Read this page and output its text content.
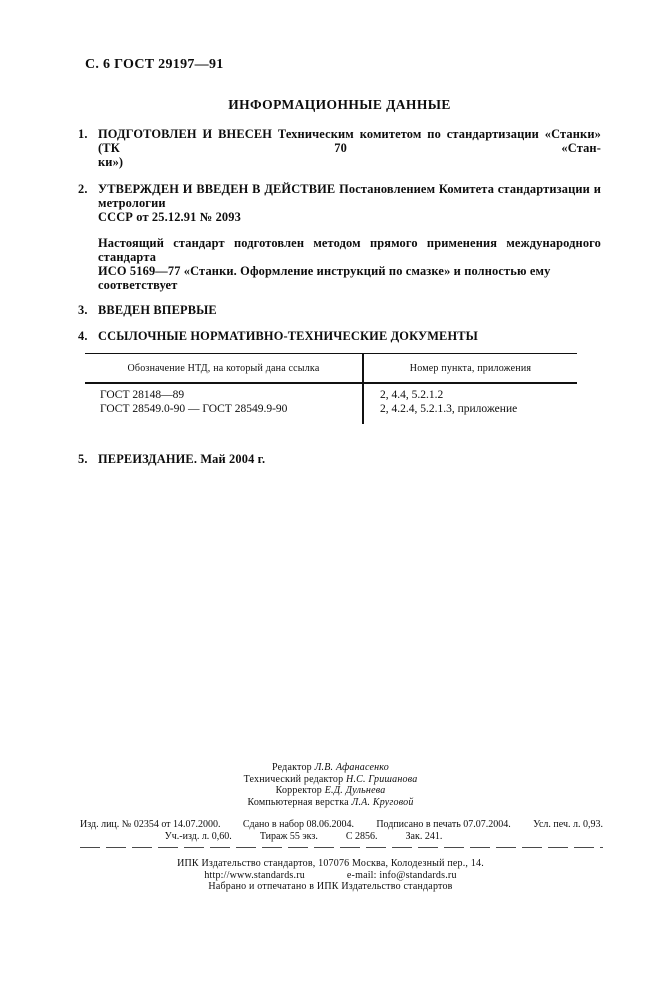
С. 6 ГОСТ 29197—91
ИНФОРМАЦИОННЫЕ ДАННЫЕ
1. ПОДГОТОВЛЕН И ВНЕСЕН Техническим комитетом по стандартизации «Станки» (ТК 70 «Стан-
ки»)
2. УТВЕРЖДЕН И ВВЕДЕН В ДЕЙСТВИЕ Постановлением Комитета стандартизации и метрологии
СССР от 25.12.91 № 2093
Настоящий стандарт подготовлен методом прямого применения международного стандарта
ИСО 5169—77 «Станки. Оформление инструкций по смазке» и полностью ему соответствует
3. ВВЕДЕН ВПЕРВЫЕ
4. ССЫЛОЧНЫЕ НОРМАТИВНО-ТЕХНИЧЕСКИЕ ДОКУМЕНТЫ
Обозначение НТД, на который дана ссылка	Номер пункта, приложения
ГОСТ 28148—89	2, 4.4, 5.2.1.2
ГОСТ 28549.0-90 — ГОСТ 28549.9-90	2, 4.2.4, 5.2.1.3, приложение
5. ПЕРЕИЗДАНИЕ. Май 2004 г.
Редактор Л.В. Афанасенко
Технический редактор Н.С. Гришанова
Корректор Е.Д. Дульнева
Компьютерная верстка Л.А. Круговой
Изд. лиц. № 02354 от 14.07.2000. Сдано в набор 08.06.2004. Подписано в печать 07.07.2004. Усл. печ. л. 0,93.
Уч.-изд. л. 0,60.	Тираж 55 экз.	С 2856.	Зак. 241.
ИПК Издательство стандартов, 107076 Москва, Колодезный пер., 14.
http://www.standards.ru	e-mail: info@standards.ru
Набрано и отпечатано в ИПК Издательство стандартов
